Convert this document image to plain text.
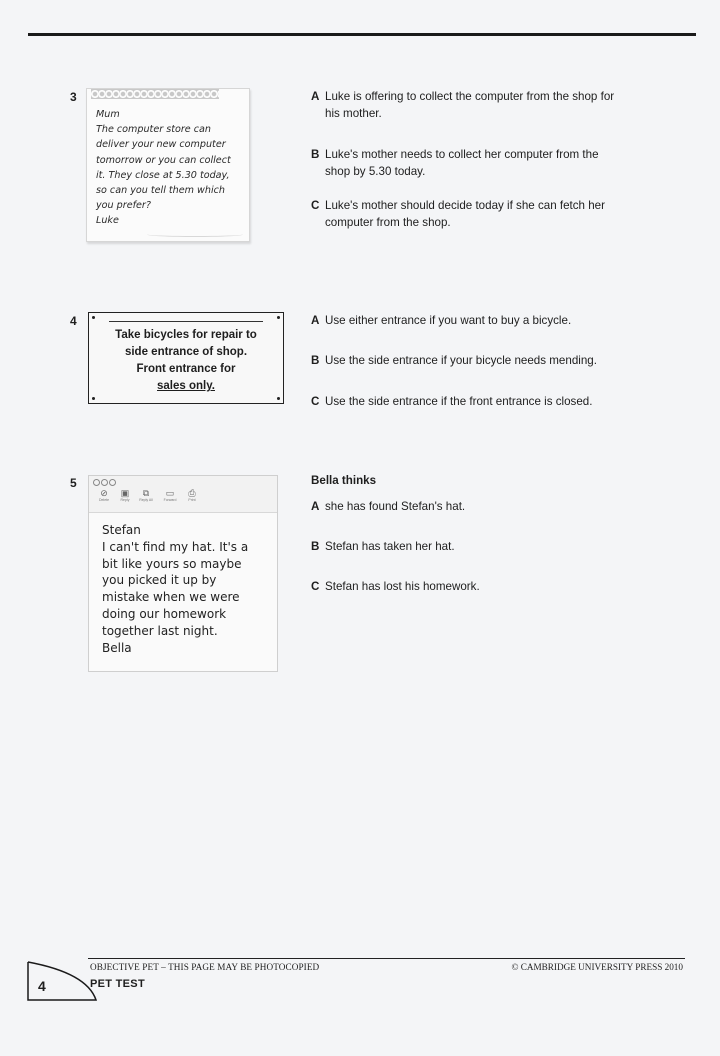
3
Mum
The computer store can
deliver your new computer
tomorrow or you can collect
it. They close at 5.30 today,
so can you tell them which
you prefer?
Luke
A Luke is offering to collect the computer from the shop for
his mother.
B Luke's mother needs to collect her computer from the
shop by 5.30 today.
C Luke's mother should decide today if she can fetch her
computer from the shop.
4
Take bicycles for repair to
side entrance of shop.
Front entrance for
sales only.
A Use either entrance if you want to buy a bicycle.
B Use the side entrance if your bicycle needs mending.
C Use the side entrance if the front entrance is closed.
5
⊘
Delete
▣
Reply
⧉
Reply All
▭
Forward
⎙
Print
Stefan
I can't find my hat. It's a
bit like yours so maybe
you picked it up by
mistake when we were
doing our homework
together last night.
Bella
Bella thinks
A she has found Stefan's hat.
B Stefan has taken her hat.
C Stefan has lost his homework.
OBJECTIVE PET – THIS PAGE MAY BE PHOTOCOPIED	© CAMBRIDGE UNIVERSITY PRESS 2010
PET TEST
4
